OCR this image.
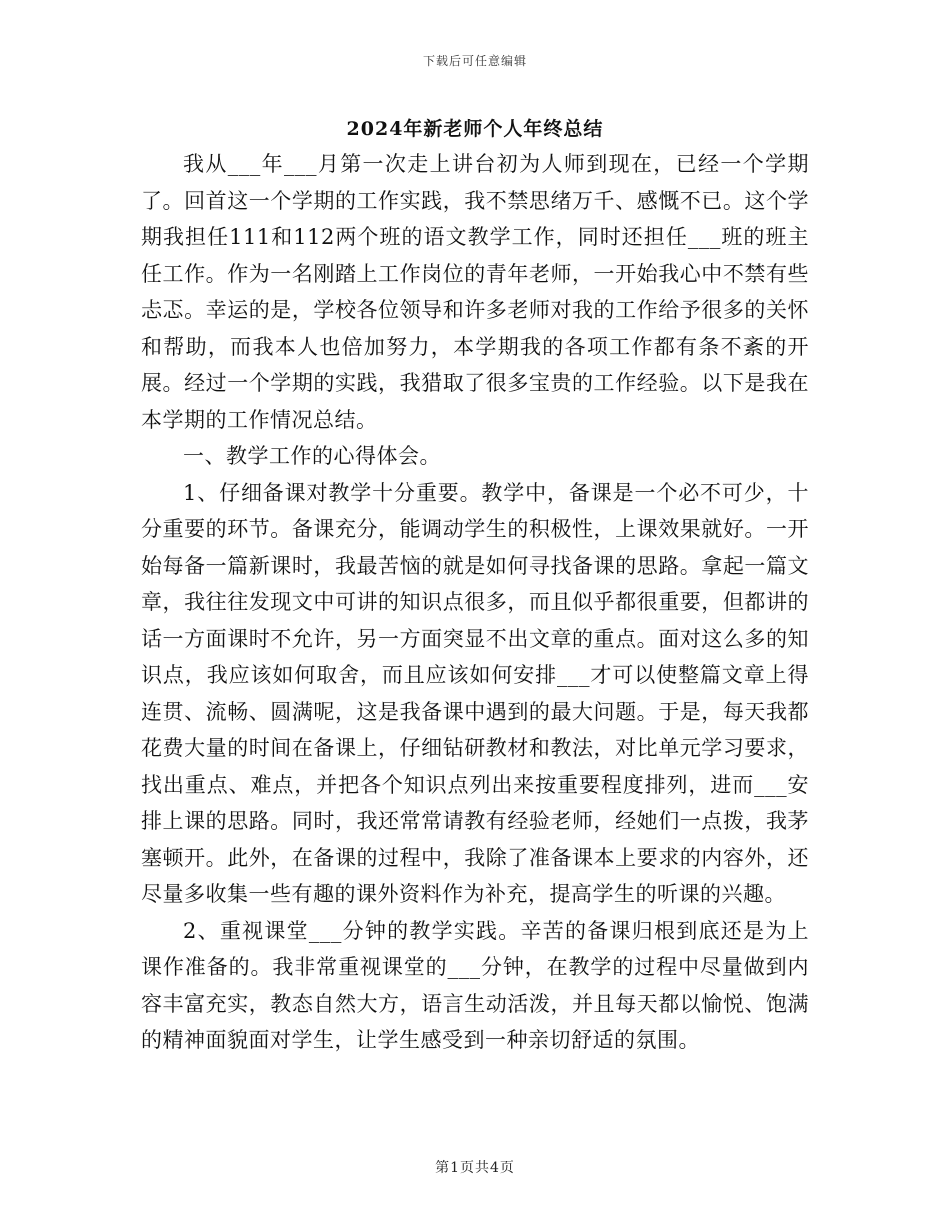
下载后可任意编辑
2024年新老师个人年终总结

我从___年___月第一次走上讲台初为人师到现在，已经一个学期了。回首这一个学期的工作实践，我不禁思绪万千、感慨不已。这个学期我担任111和112两个班的语文教学工作，同时还担任___班的班主任工作。作为一名刚踏上工作岗位的青年老师，一开始我心中不禁有些忐忑。幸运的是，学校各位领导和许多老师对我的工作给予很多的关怀和帮助，而我本人也倍加努力，本学期我的各项工作都有条不紊的开展。经过一个学期的实践，我猎取了很多宝贵的工作经验。以下是我在本学期的工作情况总结。

一、教学工作的心得体会。

1、仔细备课对教学十分重要。教学中，备课是一个必不可少，十分重要的环节。备课充分，能调动学生的积极性，上课效果就好。一开始每备一篇新课时，我最苦恼的就是如何寻找备课的思路。拿起一篇文章，我往往发现文中可讲的知识点很多，而且似乎都很重要，但都讲的话一方面课时不允许，另一方面突显不出文章的重点。面对这么多的知识点，我应该如何取舍，而且应该如何安排___才可以使整篇文章上得连贯、流畅、圆满呢，这是我备课中遇到的最大问题。于是，每天我都花费大量的时间在备课上，仔细钻研教材和教法，对比单元学习要求，找出重点、难点，并把各个知识点列出来按重要程度排列，进而___安排上课的思路。同时，我还常常请教有经验老师，经她们一点拨，我茅塞顿开。此外，在备课的过程中，我除了准备课本上要求的内容外，还尽量多收集一些有趣的课外资料作为补充，提高学生的听课的兴趣。

2、重视课堂___分钟的教学实践。辛苦的备课归根到底还是为上课作准备的。我非常重视课堂的___分钟，在教学的过程中尽量做到内容丰富充实，教态自然大方，语言生动活泼，并且每天都以愉悦、饱满的精神面貌面对学生，让学生感受到一种亲切舒适的氛围。

第1页共4页
